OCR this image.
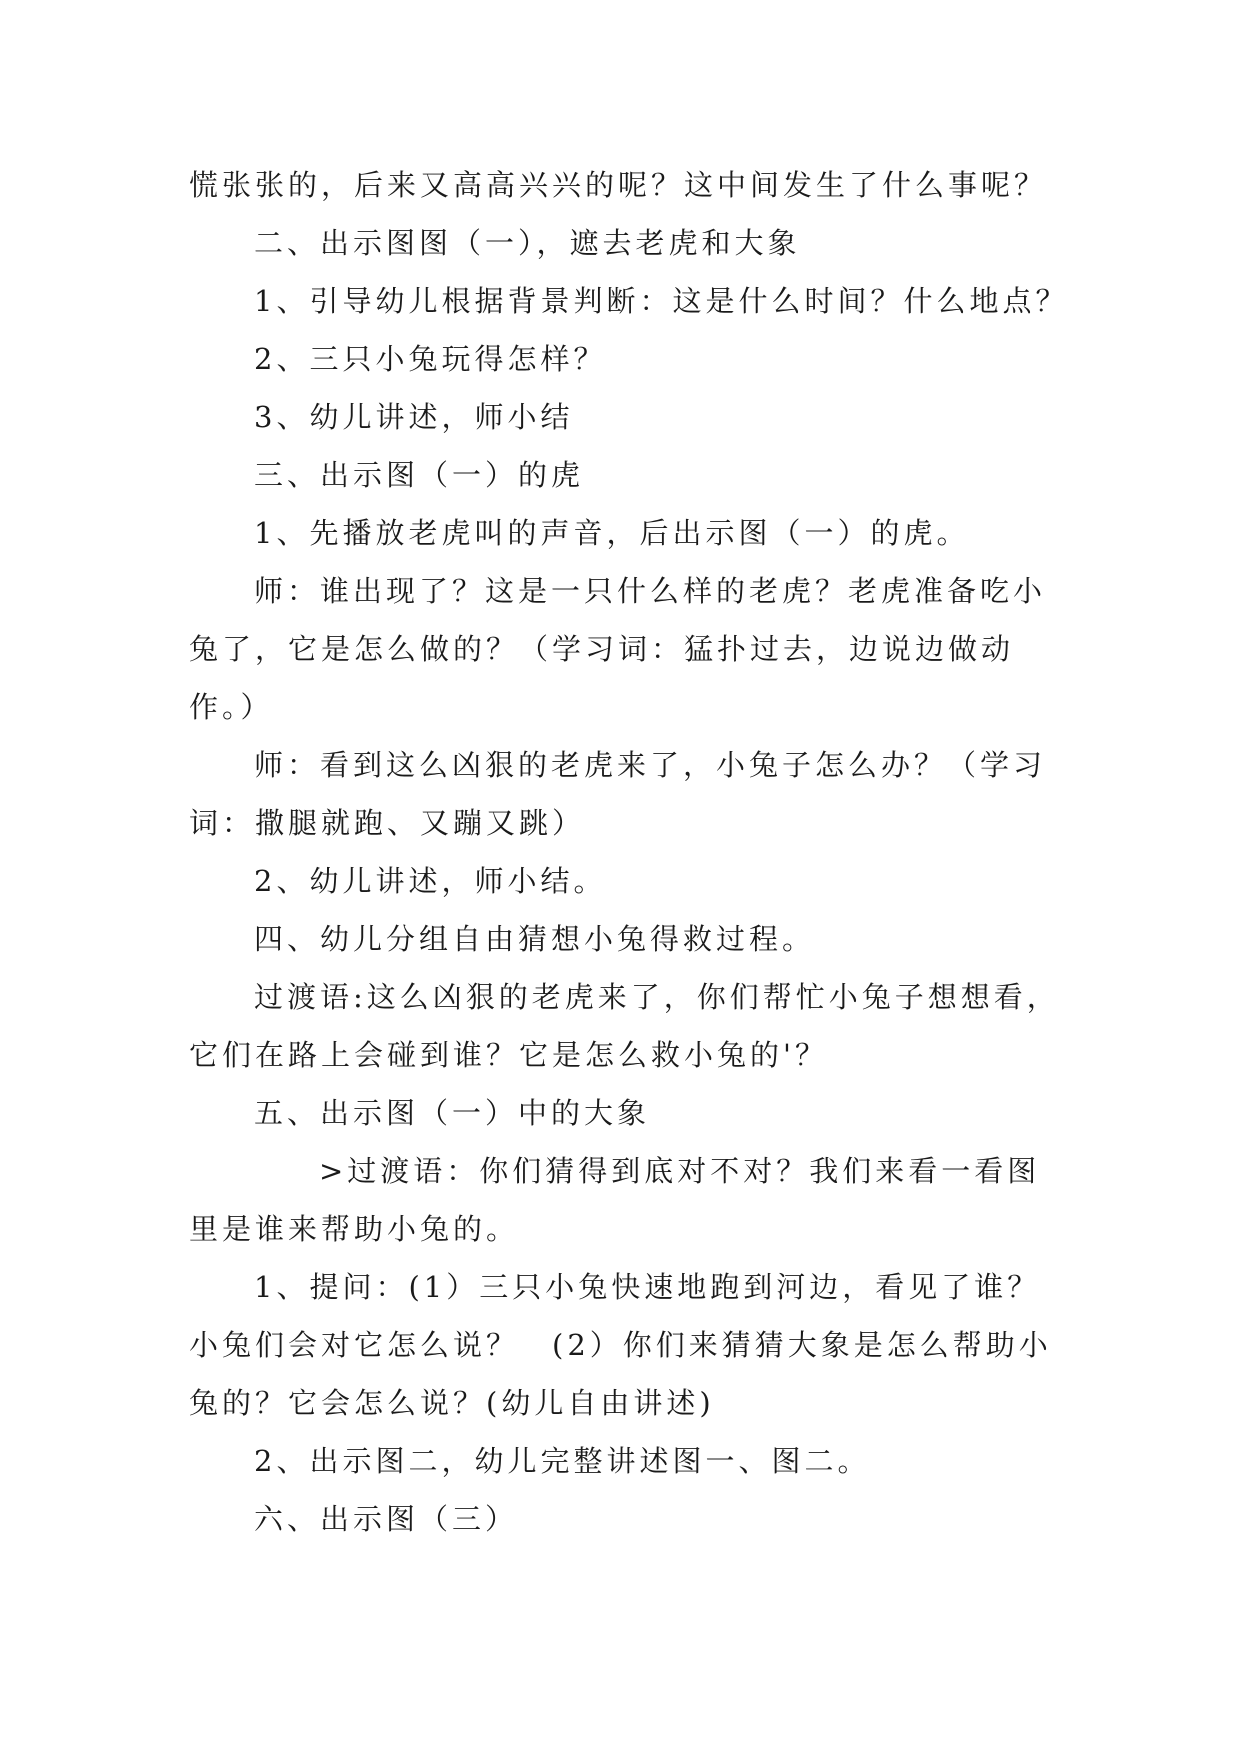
慌张张的，后来又高高兴兴的呢？这中间发生了什么事呢？

二、出示图图（一），遮去老虎和大象

1、引导幼儿根据背景判断：这是什么时间？什么地点？

2、三只小兔玩得怎样？

3、幼儿讲述，师小结

三、出示图（一）的虎

1、先播放老虎叫的声音，后出示图（一）的虎。

师：谁出现了？这是一只什么样的老虎？老虎准备吃小

兔了，它是怎么做的？（学习词：猛扑过去，边说边做动

作。）

师：看到这么凶狠的老虎来了，小兔子怎么办？（学习

词：撒腿就跑、又蹦又跳）

2、幼儿讲述，师小结。

四、幼儿分组自由猜想小兔得救过程。

过渡语:这么凶狠的老虎来了，你们帮忙小兔子想想看，

它们在路上会碰到谁？它是怎么救小兔的'？

五、出示图（一）中的大象

>过渡语：你们猜得到底对不对？我们来看一看图

里是谁来帮助小兔的。

1、提问：(1）三只小兔快速地跑到河边，看见了谁？

小兔们会对它怎么说？　(2）你们来猜猜大象是怎么帮助小

兔的？它会怎么说？(幼儿自由讲述)

2、出示图二，幼儿完整讲述图一、图二。

六、出示图（三）
